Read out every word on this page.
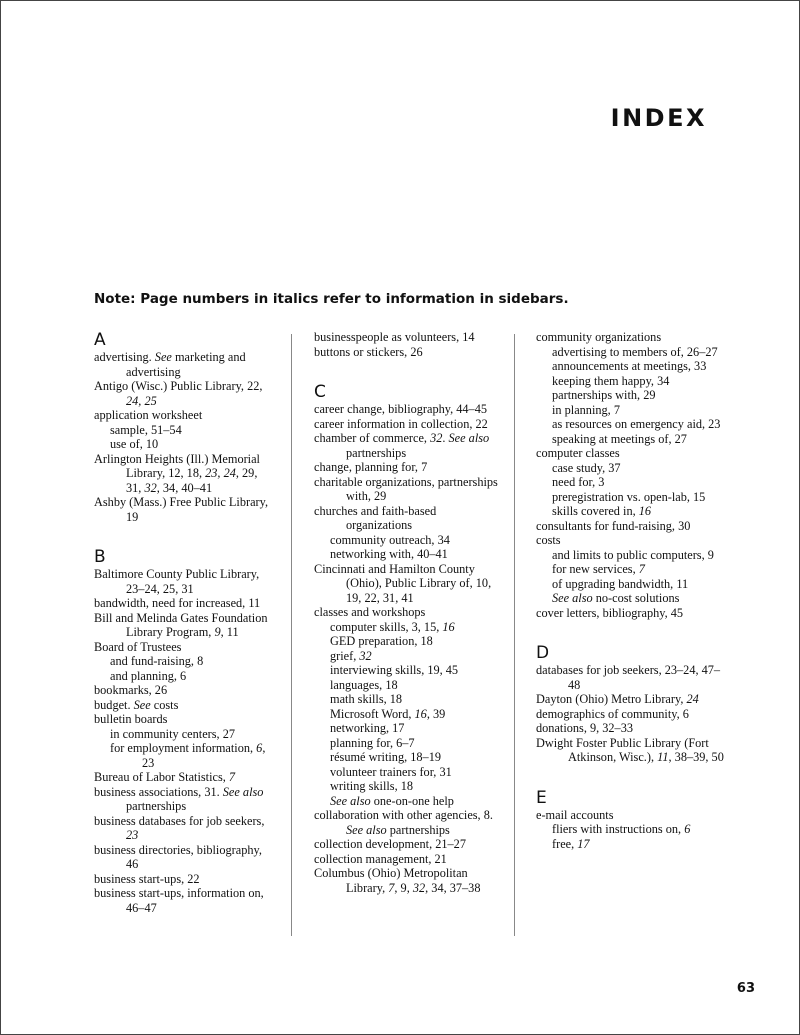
INDEX
Note: Page numbers in italics refer to information in sidebars.
A
advertising. See marketing and advertising
Antigo (Wisc.) Public Library, 22, 24, 25
application worksheet
sample, 51–54
use of, 10
Arlington Heights (Ill.) Memorial Library, 12, 18, 23, 24, 29, 31, 32, 34, 40–41
Ashby (Mass.) Free Public Library, 19
B
Baltimore County Public Library, 23–24, 25, 31
bandwidth, need for increased, 11
Bill and Melinda Gates Foundation Library Program, 9, 11
Board of Trustees
and fund-raising, 8
and planning, 6
bookmarks, 26
budget. See costs
bulletin boards
in community centers, 27
for employment information, 6, 23
Bureau of Labor Statistics, 7
business associations, 31. See also partnerships
business databases for job seekers, 23
business directories, bibliography, 46
business start-ups, 22
business start-ups, information on, 46–47
businesspeople as volunteers, 14
buttons or stickers, 26
C
career change, bibliography, 44–45
career information in collection, 22
chamber of commerce, 32. See also partnerships
change, planning for, 7
charitable organizations, partnerships with, 29
churches and faith-based organizations
community outreach, 34
networking with, 40–41
Cincinnati and Hamilton County (Ohio), Public Library of, 10, 19, 22, 31, 41
classes and workshops
computer skills, 3, 15, 16
GED preparation, 18
grief, 32
interviewing skills, 19, 45
languages, 18
math skills, 18
Microsoft Word, 16, 39
networking, 17
planning for, 6–7
résumé writing, 18–19
volunteer trainers for, 31
writing skills, 18
See also one-on-one help
collaboration with other agencies, 8. See also partnerships
collection development, 21–27
collection management, 21
Columbus (Ohio) Metropolitan Library, 7, 9, 32, 34, 37–38
community organizations
advertising to members of, 26–27
announcements at meetings, 33
keeping them happy, 34
partnerships with, 29
in planning, 7
as resources on emergency aid, 23
speaking at meetings of, 27
computer classes
case study, 37
need for, 3
preregistration vs. open-lab, 15
skills covered in, 16
consultants for fund-raising, 30
costs
and limits to public computers, 9
for new services, 7
of upgrading bandwidth, 11
See also no-cost solutions
cover letters, bibliography, 45
D
databases for job seekers, 23–24, 47–48
Dayton (Ohio) Metro Library, 24
demographics of community, 6
donations, 9, 32–33
Dwight Foster Public Library (Fort Atkinson, Wisc.), 11, 38–39, 50
E
e-mail accounts
fliers with instructions on, 6
free, 17
63
